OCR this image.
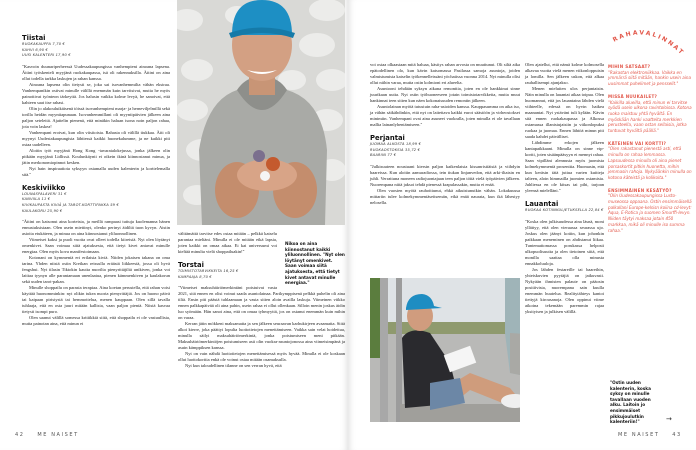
Tiistai
RUOKAKAUPPA 7,70 €
KAHVI 6,90 €
UUSI KALENTERI 17,90 €

"Kasvoin duunariperheessä Uudessakaupungissa vanhempieni ainoana lapsena. Äitini työskenteli myyjänä ruokakaupassa, isä oli rakennuksilla. Äitini on aina ollut todella tarkka laskujen ja rahan kanssa.

Ainoana lapsena olin tietysti se, joka sai isovanhemmilta vähän ekstraa. Vanhempanikin ostivat minulle välillä enemmän kuin tarvitsivat, mutta he myös painottivat työnteon tärkeyttä. Jos halusin vaikka kolme levyä, he sanoivat, että kahteen saat itse rahasi.

Olin jo alakouluikäisenä töissä isovanhempieni marja- ja herneviljelmillä sekä torilla heidän myyntiapunaan. Isovanhemmillani oli myyntipäivien jälkeen aina paljon seteleitä. Ajattelin pienenä, että minäkin haluan isona noin paljon rahaa, jota voin laskea!

Vanhempani eroivat, kun olin viisitoista. Rahasta oli välillä tiukkaa. Äiti oli myynyt Uudestakaupungista lähtiessä kaikki huonekalumme, ja ne kaikki piti ostaa uudelleen.

Aloitin työt myyjänä Hong Kong -tavaratalokejussa, jonka jälkeen olin pitkään myyjänä Lidlissä. Koulunkäynti ei oikein ikinä kiinnostanut minua, ja jätin merkonomiopinnot kesken.

Nyt hain inspiraatiota syksyyn ostamalla uuden kalenterin ja korttelemalla sitä."

Keskiviikko
LOUNASPALAVERI 31 €
KANVIILA 11 €
KIVIKAUPASTA KIVIÄ JA TAROT-KORTTIPAKKA 59 €
KAULAKORU 25,90 €

"Äitini on katsonut aina korteista, ja meillä rampaasi tuttuja kuolemanna hänen ennustuksistaan. Olen usein miettinyt, olenko perinyt äidiltä tuon kyvyn. Aistin asioita etukäteen, ja minua on aina kiinnostanut yliluonnollinen.

Viimeiset kaksi ja puoli vuotta ovat olleet todella kiireisiä. Nyt olen löytänyt omenkivet. Saan voimaa siitä ajatuksesta, että tietyt kivet antavat minulle energiaa. Olen myös kova manifestoimaan.

Kotonani on kymmeniä eri erilaisia kiviä. Niiden jokaisen takana on oma tarina. Yhden niistä ostin Kreikan reissulla eräästä liikkeestä, jossa oli hyvä fengshui. Nyt tilasin Tiktokin kautta nuorilta pienyrittäjiltä unikiven, jonka voi laittaa tyynyn alle parantamaan unenlaatua, pienen kämmenkiven ja kaulakorun sekä uuden tarot-pakan.

Minulle shoppailu on parasta terapiaa. Aina koetan perustella, että rahan voisi käyttää huonomminkin: nyt olikin tukea nuoria pienyrittäjiä. Jos on huono päivä tai kaipaan piristystä tai hemmottelua, menen kauppaan. Olen sillä tavalla tuhlaaja, että en osta juuri mitään kallista, vaan paljon pientä. Niistä kasvaa tietysti isompi puro.

Olen saanut välillä somessa kritiikkiä siitä, että shoppailu ei ole vastuullista, mutta painotan aina, että minun ei

Nikoa on aina kiinnostanut kaikki yliluonnollinen. "Nyt olen löytänyt omenkivet. Saan voimaa siitä ajatuksesta, että tietyt kivet antavat minulle energiaa."

välttämättä tarvitse edes ostaa mitään – pelkkä katselu parantaa mieltäni. Minulla ei ole mitään eikä lapsia, joten kaikki on omaa aikaa. Ei kai universumi voi kieltää minulta vielä shoppailuakin!"

Torstai
TOIMISTOTARVIKKEITA 16,25 €
KAMPAAJA 8,70 €

"Viimeiset maksuhäiriömerkintäni poistuivat vasta 2021, sitä ennen en olisi voinut saada asuntolainaa. Parikymppisenä pelkkä puhelin oli aina tiliä. Ensin piti päästä tuhlaamaan ja vasta sitten aloin availla laskuja. Viimeinen viikko ennen palkkapäivää oli aina pahin, usein rahaa ei ollut ollenkaan. Silloin menin joskus äidin luo syömään. Hän sanoi aina, että on omaa tyhmyyttä, jos on ostanut enemmän kuin mihin on varaa.

Kerran jätin mökkeni maksamatta ja sen jälkeen seuraavan karhukirjeen avaamatta. Siitä alkoi kierre, joka päättyi lopulta luottotietojen menettämiseen. Vaikka sain velat hoidettua, minulla säilyi maksuhäiriömerkintä, jonka poistumiseen meni pitkään. Maksuhäiriömerkintöjen poistumiseen asti olin vuokra-asuntojonossa aina viimeisimpänä ja asuin kämppiksen kanssa.

Nyt on vain nähdä luottotietojen menettämisessä myös hyvää. Minulla ei ole koskaan ollut luottokorttia enkä ole voinut ostaa mitään osamaksulla.

Nyt kun taloudellinen tilanne on sen verran hyvä, että

42	ME NAISET

voi ostaa olkaastaan mitä haluaa, käsitys rahan arvosta on muuttunut. Oli siltä aika epätodellinen olo, kun kävin katsomassa Pasilassa samoja asuntoja, joiden valmistumista katselin työkennelleissäni yöchatissa vuonna 2014. Nyt minulla olisi ollut niihin varaa, mutta ostin kolmioni eri alueelta.

Asuntooni tehdään syksyn aikana remonttia, joten en ole hankkinut sinne juurikaan uutta. Nyt ostin työhuoneeseen jotain toimistotarvikkeita, mutta muut hankinnat teen sitten kun näen kokonaisuuden remontin jälkeen.

Asuntolainan myötä tutustuin raha-asioiden kanssa. Kauppasumma on aika iso, ja vähän säikähdinkin, että nyt on laitettava kaikki eurot säästöön ja virheostokset minimiin. Vanhempani ovat aina asuneet vuokralla, joten minulla ei ole tavallaan mallia lainanlyhentämiseen."

Perjantai
JUOMAA ALKOSTA 18,99 €
RUOKAOSTOKSIA 35,72 €
BAARIIN 77 €

"Julkisuuteen noustuani kiersin paljon kaikenlaisia kissanristiäisiä ja viihdyin baareissa. Kun aloitin aamuradiossa, tein tiukan linjanvedon, että arki-iltaisin en juhli. Verrattuna moneen radiojuontajaan teen paljon töitä vielä työpäivien jälkeen. Nuorempana niitä jaksoi tehdä pienessä krapulassakin, mutta ei enää.

Olen vuosien myötä rauhoittunut, ehkä aikuistunutkin vähän. Lokakuussa mittariin tulee kolmekymmentäseitsemän, eikä enää naurata, kun ikä lähestyy nelosella.

Olen ajatellut, että nämä kolme kolmosella alkavaa vuotta vielä menen viikonloppuisin ja lomilla. Sen jälkeen uskon, että alkaa rauhallisempi ajanjakso.

Menen mieluiten ulos perjantaisin. Näin minulla on lauantai aikaa toipua. Olen huomannut, että jos lauantaina lähden vielä viihteelle, edessä on hyvin haikea maanantai. Nyt ystäväni tuli kylään. Kävin sitä ennen ruokakaupassa ja Alkossa ostamassa illanistujaisiin ja viikonlopuksi ruokaa ja juomaa. Ennen lähtöä minun piti saada kahdet päivälliset.

Lähdimme erkojen jälkeen kantapaikkaani. Minulla on sinne vip-kortti, joten sisäänpääsyyn ei mennyt rahaa. Saan vipilläni alennusta myös juomista kolmekymmentä prosenttia. Huomasin, että kun keräsin tätä juttua varten kuitteja talteen, aloin himmailla juomien ostamista. Juhliessa en ole kitsas tai pihi, tarjoan yleensä mielelläni."

Lauantai
RUOKAA KOTIINKULJETUKSELLA 22,84 €

"Koska olen julkisuudessa aina läsnä, moni yllättyy, että olen vieraassa seurassa ujo. Joskus olen jäänyt kotiin, kun johonkin paikkaan meneminen on ahdistanut liikaa. Tuntemattomassa porukassa helposti ulkopuolisuutta ja olen tietoinen siitä, että monilla saattaa olla minusta ennakkoluuloja.

Jos lähden festareille tai baareihin, yhteiskuvien pyytäjiä on jatkuvasti. Nykyään ihmisten palaute on pääosin positiivista, nuorempana sain kuulla enemmän huutelua. Realitytähteys kantoi tiettyjä kirousanoja. Olen oppinut viime aikoina tekemään paremmin rajaa yksityisen ja julkisen välillä.

RAHAVALINNAT
MIHIN SATSAAT?
"Rakastan elektroniikkaa. Vaikka en ymmärrä siitä mitään, hankin usein aina uusimmat puhelimet ja pensselit."
MISSÄ NUUKAILET?
"Kaikilla alueilla, että minun ei tarvitse syödä usein ulkona ravintoloissa. Kotona ruoka maistuu yhtä hyvältä. En myöskään hanki vaatteita merkkien perusteella, vaan ostan sellaisia, jotka tuntuvat hyvältä päällä."
KÄTEINEN VAI KORTTI?
"Olen rakastanut pienestä asti, että minulla on rahaa lemmassa. Lapsuudessa minulla oli aina pienet porsaskortit pitkin huonetta, mihin jemmasin rahoja. Nykyäänkin minulla on kotona käteistä ja kolikoita."
ENSIMMÄINEN KESÄTYÖ?
"Olin Uudessakaupungissa Lusto-museossa oppaana. Ostin ensimmäisellä palkallani Europe-kelsisn koiina cd-levyt: Aqua, E-Rotica ja suomen Smurffi-levyn. Niiden täytyi maksaa jotain 450 markkaa, mikä oli minulle iso summa rahaa."
"Ostin uuden kalenterin, koska syksy on minulle tavallaan vuoden alku. Laitoin jo ensimmäiset pikkujoulutkin kalenteriin!"	→
ME NAISET	43
